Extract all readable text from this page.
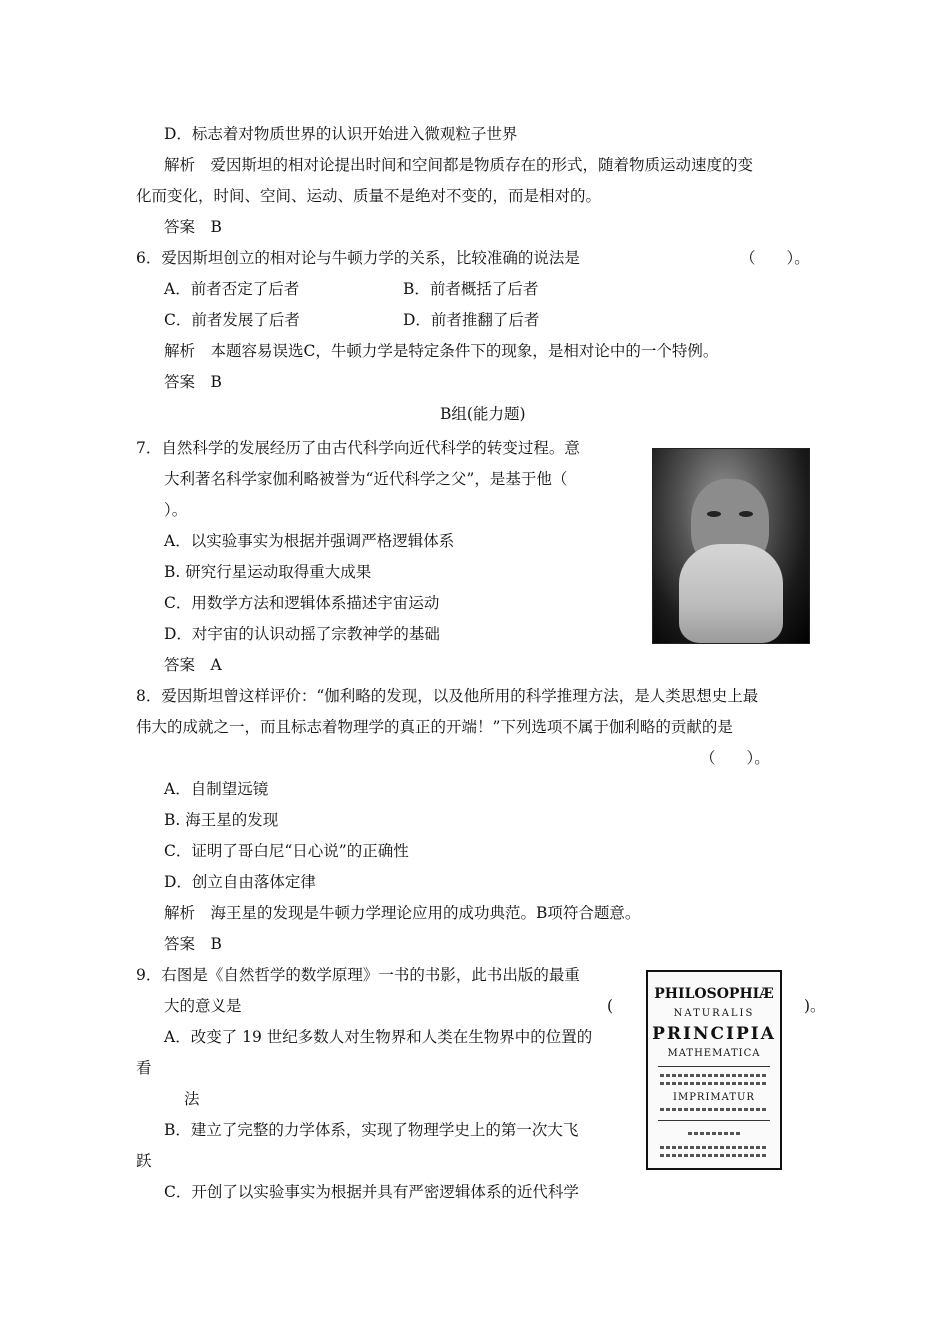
D．标志着对物质世界的认识开始进入微观粒子世界
解析　爱因斯坦的相对论提出时间和空间都是物质存在的形式，随着物质运动速度的变
化而变化，时间、空间、运动、质量不是绝对不变的，而是相对的。
答案　B
6．爱因斯坦创立的相对论与牛顿力学的关系，比较准确的说法是	（　　）。
A．前者否定了后者	B．前者概括了后者
C．前者发展了后者	D．前者推翻了后者
解析　本题容易误选C，牛顿力学是特定条件下的现象，是相对论中的一个特例。
答案　B
B组(能力题)
7．自然科学的发展经历了由古代科学向近代科学的转变过程。意
大利著名科学家伽利略被誉为“近代科学之父”，是基于他（
）。
A．以实验事实为根据并强调严格逻辑体系
B. 研究行星运动取得重大成果
C．用数学方法和逻辑体系描述宇宙运动
D．对宇宙的认识动摇了宗教神学的基础
答案　A
8．爱因斯坦曾这样评价：“伽利略的发现，以及他所用的科学推理方法，是人类思想史上最
伟大的成就之一，而且标志着物理学的真正的开端！”下列选项不属于伽利略的贡献的是
（　　）。
A．自制望远镜
B. 海王星的发现
C．证明了哥白尼“日心说”的正确性
D．创立自由落体定律
解析　海王星的发现是牛顿力学理论应用的成功典范。B项符合题意。
答案　B
9．右图是《自然哲学的数学原理》一书的书影，此书出版的最重
大的意义是	(	)。
A．改变了 19 世纪多数人对生物界和人类在生物界中的位置的
看
法
B．建立了完整的力学体系，实现了物理学史上的第一次大飞
跃
C．开创了以实验事实为根据并具有严密逻辑体系的近代科学
PHILOSOPHIÆ
NATURALIS
PRINCIPIA
MATHEMATICA
IMPRIMATUR
